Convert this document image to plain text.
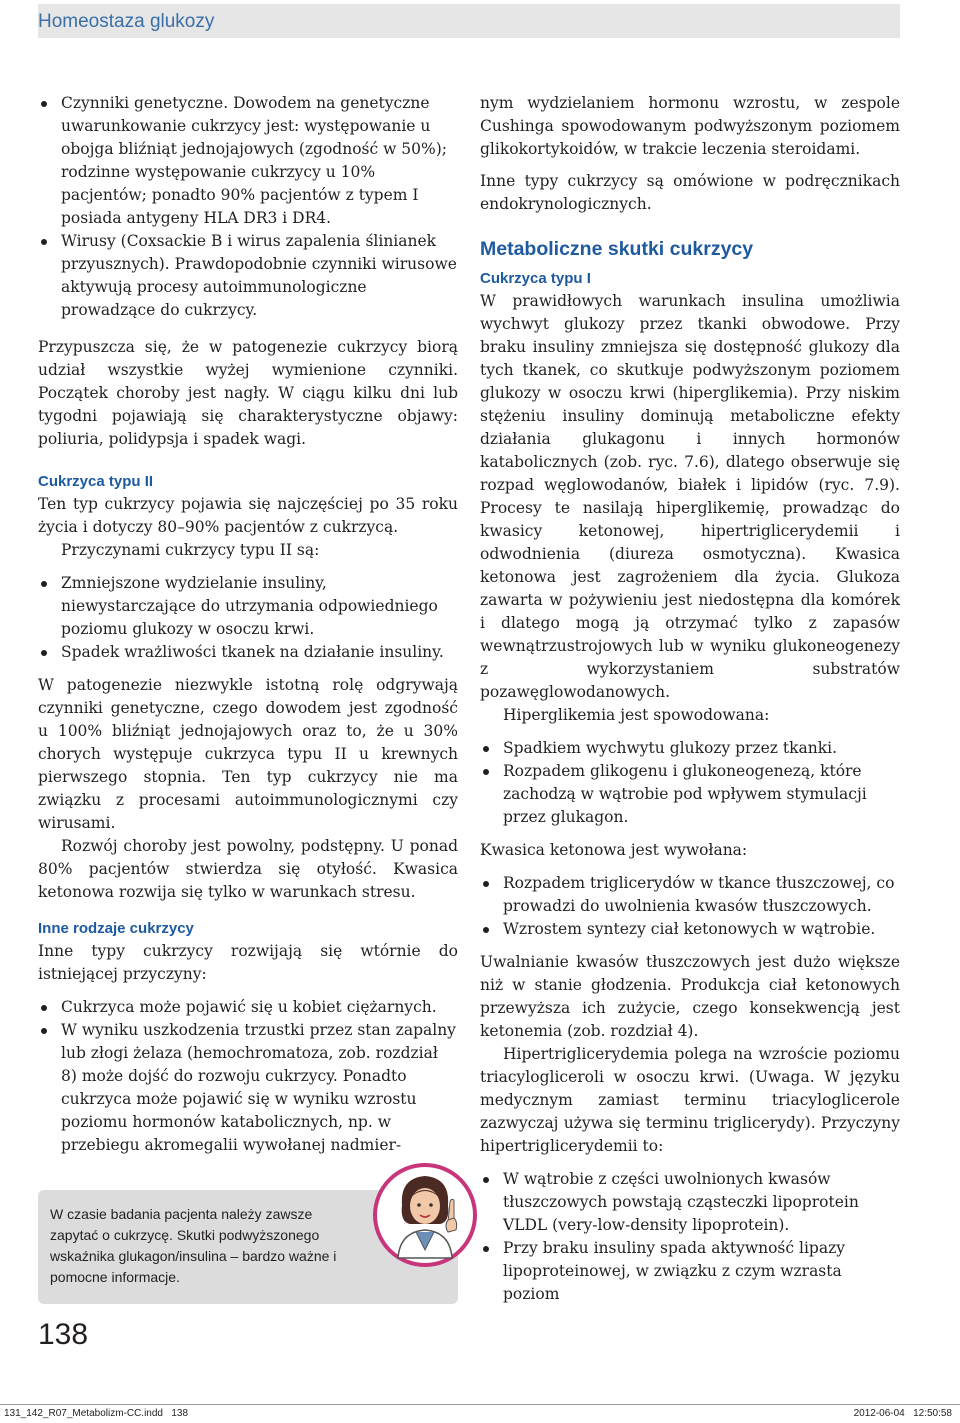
Homeostaza glukozy
Czynniki genetyczne. Dowodem na genetyczne uwarunkowanie cukrzycy jest: występowanie u obojga bliźniąt jednojajowych (zgodność w 50%); rodzinne występowanie cukrzycy u 10% pacjentów; ponadto 90% pacjentów z typem I posiada antygeny HLA DR3 i DR4.
Wirusy (Coxsackie B i wirus zapalenia ślinianek przyusznych). Prawdopodobnie czynniki wirusowe aktywują procesy autoimmunologiczne prowadzące do cukrzycy.

Przypuszcza się, że w patogenezie cukrzycy biorą udział wszystkie wyżej wymienione czynniki. Początek choroby jest nagły. W ciągu kilku dni lub tygodni pojawiają się charakterystyczne objawy: poliuria, polidypsja i spadek wagi.

Cukrzyca typu II

Ten typ cukrzycy pojawia się najczęściej po 35 roku życia i dotyczy 80–90% pacjentów z cukrzycą.

Przyczynami cukrzycy typu II są:

Zmniejszone wydzielanie insuliny, niewystarczające do utrzymania odpowiedniego poziomu glukozy w osoczu krwi.
Spadek wrażliwości tkanek na działanie insuliny.

W patogenezie niezwykle istotną rolę odgrywają czynniki genetyczne, czego dowodem jest zgodność u 100% bliźniąt jednojajowych oraz to, że u 30% chorych występuje cukrzyca typu II u krewnych pierwszego stopnia. Ten typ cukrzycy nie ma związku z procesami autoimmunologicznymi czy wirusami.

Rozwój choroby jest powolny, podstępny. U ponad 80% pacjentów stwierdza się otyłość. Kwasica ketonowa rozwija się tylko w warunkach stresu.

Inne rodzaje cukrzycy

Inne typy cukrzycy rozwijają się wtórnie do istniejącej przyczyny:

Cukrzyca może pojawić się u kobiet ciężarnych.
W wyniku uszkodzenia trzustki przez stan zapalny lub złogi żelaza (hemochromatoza, zob. rozdział 8) może dojść do rozwoju cukrzycy. Ponadto cukrzyca może pojawić się w wyniku wzrostu poziomu hormonów katabolicznych, np. w przebiegu akromegalii wywołanej nadmier-

nym wydzielaniem hormonu wzrostu, w zespole Cushinga spowodowanym podwyższonym poziomem glikokortykoidów, w trakcie leczenia steroidami.

Inne typy cukrzycy są omówione w podręcznikach endokrynologicznych.

Metaboliczne skutki cukrzycy
Cukrzyca typu I

W prawidłowych warunkach insulina umożliwia wychwyt glukozy przez tkanki obwodowe. Przy braku insuliny zmniejsza się dostępność glukozy dla tych tkanek, co skutkuje podwyższonym poziomem glukozy w osoczu krwi (hiperglikemia). Przy niskim stężeniu insuliny dominują metaboliczne efekty działania glukagonu i innych hormonów katabolicznych (zob. ryc. 7.6), dlatego obserwuje się rozpad węglowodanów, białek i lipidów (ryc. 7.9). Procesy te nasilają hiperglikemię, prowadząc do kwasicy ketonowej, hipertriglicerydemii i odwodnienia (diureza osmotyczna). Kwasica ketonowa jest zagrożeniem dla życia. Glukoza zawarta w pożywieniu jest niedostępna dla komórek i dlatego mogą ją otrzymać tylko z zapasów wewnątrzustrojowych lub w wyniku glukoneogenezy z wykorzystaniem substratów pozawęglowodanowych.

Hiperglikemia jest spowodowana:

Spadkiem wychwytu glukozy przez tkanki.
Rozpadem glikogenu i glukoneogenezą, które zachodzą w wątrobie pod wpływem stymulacji przez glukagon.

Kwasica ketonowa jest wywołana:

Rozpadem triglicerydów w tkance tłuszczowej, co prowadzi do uwolnienia kwasów tłuszczowych.
Wzrostem syntezy ciał ketonowych w wątrobie.

Uwalnianie kwasów tłuszczowych jest dużo większe niż w stanie głodzenia. Produkcja ciał ketonowych przewyższa ich zużycie, czego konsekwencją jest ketonemia (zob. rozdział 4).

Hipertriglicerydemia polega na wzroście poziomu triacylogliceroli w osoczu krwi. (Uwaga. W języku medycznym zamiast terminu triacyloglicerole zazwyczaj używa się terminu triglicerydy). Przyczyny hipertriglicerydemii to:

W wątrobie z części uwolnionych kwasów tłuszczowych powstają cząsteczki lipoprotein VLDL (very-low-density lipoprotein).
Przy braku insuliny spada aktywność lipazy lipoproteinowej, w związku z czym wzrasta poziom

W czasie badania pacjenta należy zawsze zapytać o cukrzycę. Skutki podwyższonego wskaźnika glukagon/insulina – bardzo ważne i pomocne informacje.

138
131_142_R07_Metabolizm-CC.indd   138	2012-06-04   12:50:58
